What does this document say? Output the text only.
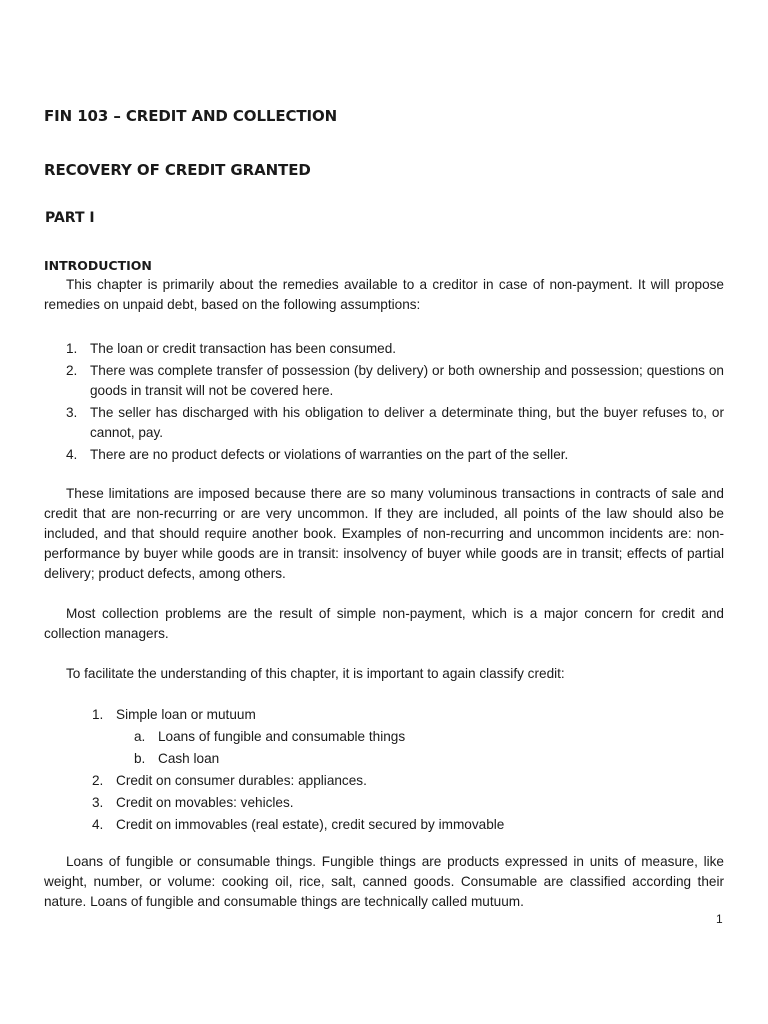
FIN 103 – CREDIT AND COLLECTION
RECOVERY OF CREDIT GRANTED
PART I
INTRODUCTION

This chapter is primarily about the remedies available to a creditor in case of non-payment. It will propose remedies on unpaid debt, based on the following assumptions:

1. The loan or credit transaction has been consumed.
2. There was complete transfer of possession (by delivery) or both ownership and possession; questions on goods in transit will not be covered here.
3. The seller has discharged with his obligation to deliver a determinate thing, but the buyer refuses to, or cannot, pay.
4. There are no product defects or violations of warranties on the part of the seller.

These limitations are imposed because there are so many voluminous transactions in contracts of sale and credit that are non-recurring or are very uncommon. If they are included, all points of the law should also be included, and that should require another book. Examples of non-recurring and uncommon incidents are: non-performance by buyer while goods are in transit: insolvency of buyer while goods are in transit; effects of partial delivery; product defects, among others.

Most collection problems are the result of simple non-payment, which is a major concern for credit and collection managers.

To facilitate the understanding of this chapter, it is important to again classify credit:

1. Simple loan or mutuum
a. Loans of fungible and consumable things
b. Cash loan
2. Credit on consumer durables: appliances.
3. Credit on movables: vehicles.
4. Credit on immovables (real estate), credit secured by immovable

Loans of fungible or consumable things. Fungible things are products expressed in units of measure, like weight, number, or volume: cooking oil, rice, salt, canned goods. Consumable are classified according their nature. Loans of fungible and consumable things are technically called mutuum.

1
